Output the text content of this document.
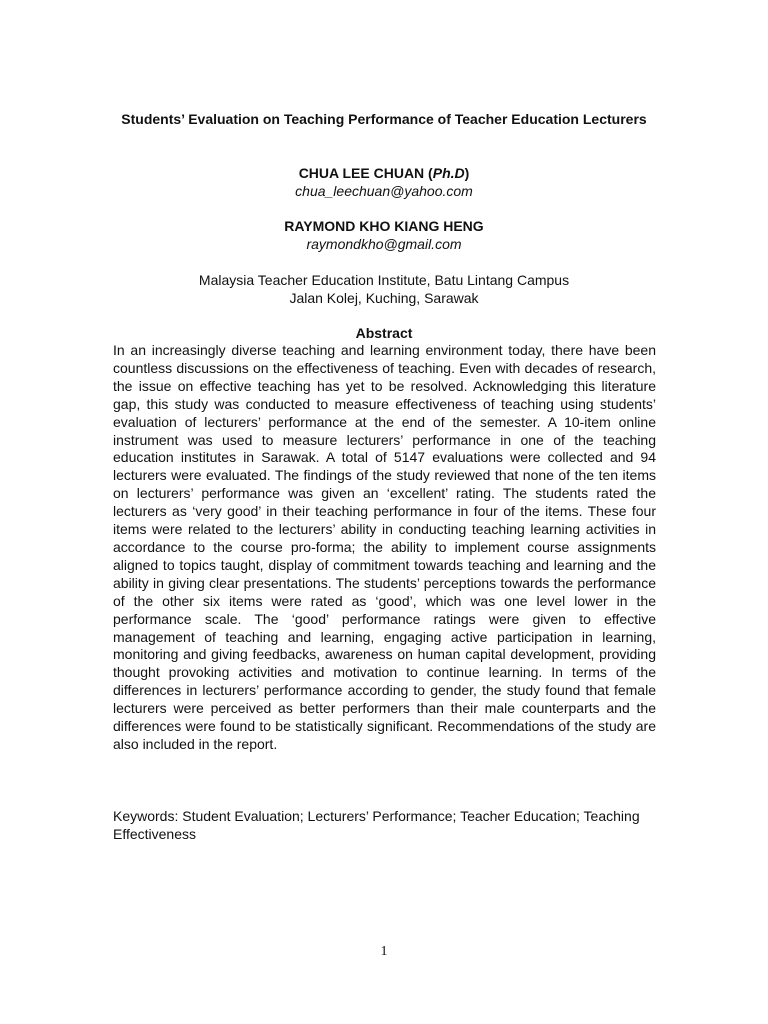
Students’ Evaluation on Teaching Performance of Teacher Education Lecturers
CHUA LEE CHUAN (Ph.D)
chua_leechuan@yahoo.com
RAYMOND KHO KIANG HENG
raymondkho@gmail.com
Malaysia Teacher Education Institute, Batu Lintang Campus
Jalan Kolej, Kuching, Sarawak
Abstract

In an increasingly diverse teaching and learning environment today, there have been countless discussions on the effectiveness of teaching. Even with decades of research, the issue on effective teaching has yet to be resolved. Acknowledging this literature gap, this study was conducted to measure effectiveness of teaching using students’ evaluation of lecturers’ performance at the end of the semester. A 10-item online instrument was used to measure lecturers’ performance in one of the teaching education institutes in Sarawak. A total of 5147 evaluations were collected and 94 lecturers were evaluated. The findings of the study reviewed that none of the ten items on lecturers’ performance was given an ‘excellent’ rating. The students rated the lecturers as ‘very good’ in their teaching performance in four of the items. These four items were related to the lecturers’ ability in conducting teaching learning activities in accordance to the course pro-forma; the ability to implement course assignments aligned to topics taught, display of commitment towards teaching and learning and the ability in giving clear presentations. The students’ perceptions towards the performance of the other six items were rated as ‘good’, which was one level lower in the performance scale. The ‘good’ performance ratings were given to effective management of teaching and learning, engaging active participation in learning, monitoring and giving feedbacks, awareness on human capital development, providing thought provoking activities and motivation to continue learning. In terms of the differences in lecturers’ performance according to gender, the study found that female lecturers were perceived as better performers than their male counterparts and the differences were found to be statistically significant. Recommendations of the study are also included in the report.

Keywords: Student Evaluation; Lecturers’ Performance; Teacher Education; Teaching Effectiveness

1
